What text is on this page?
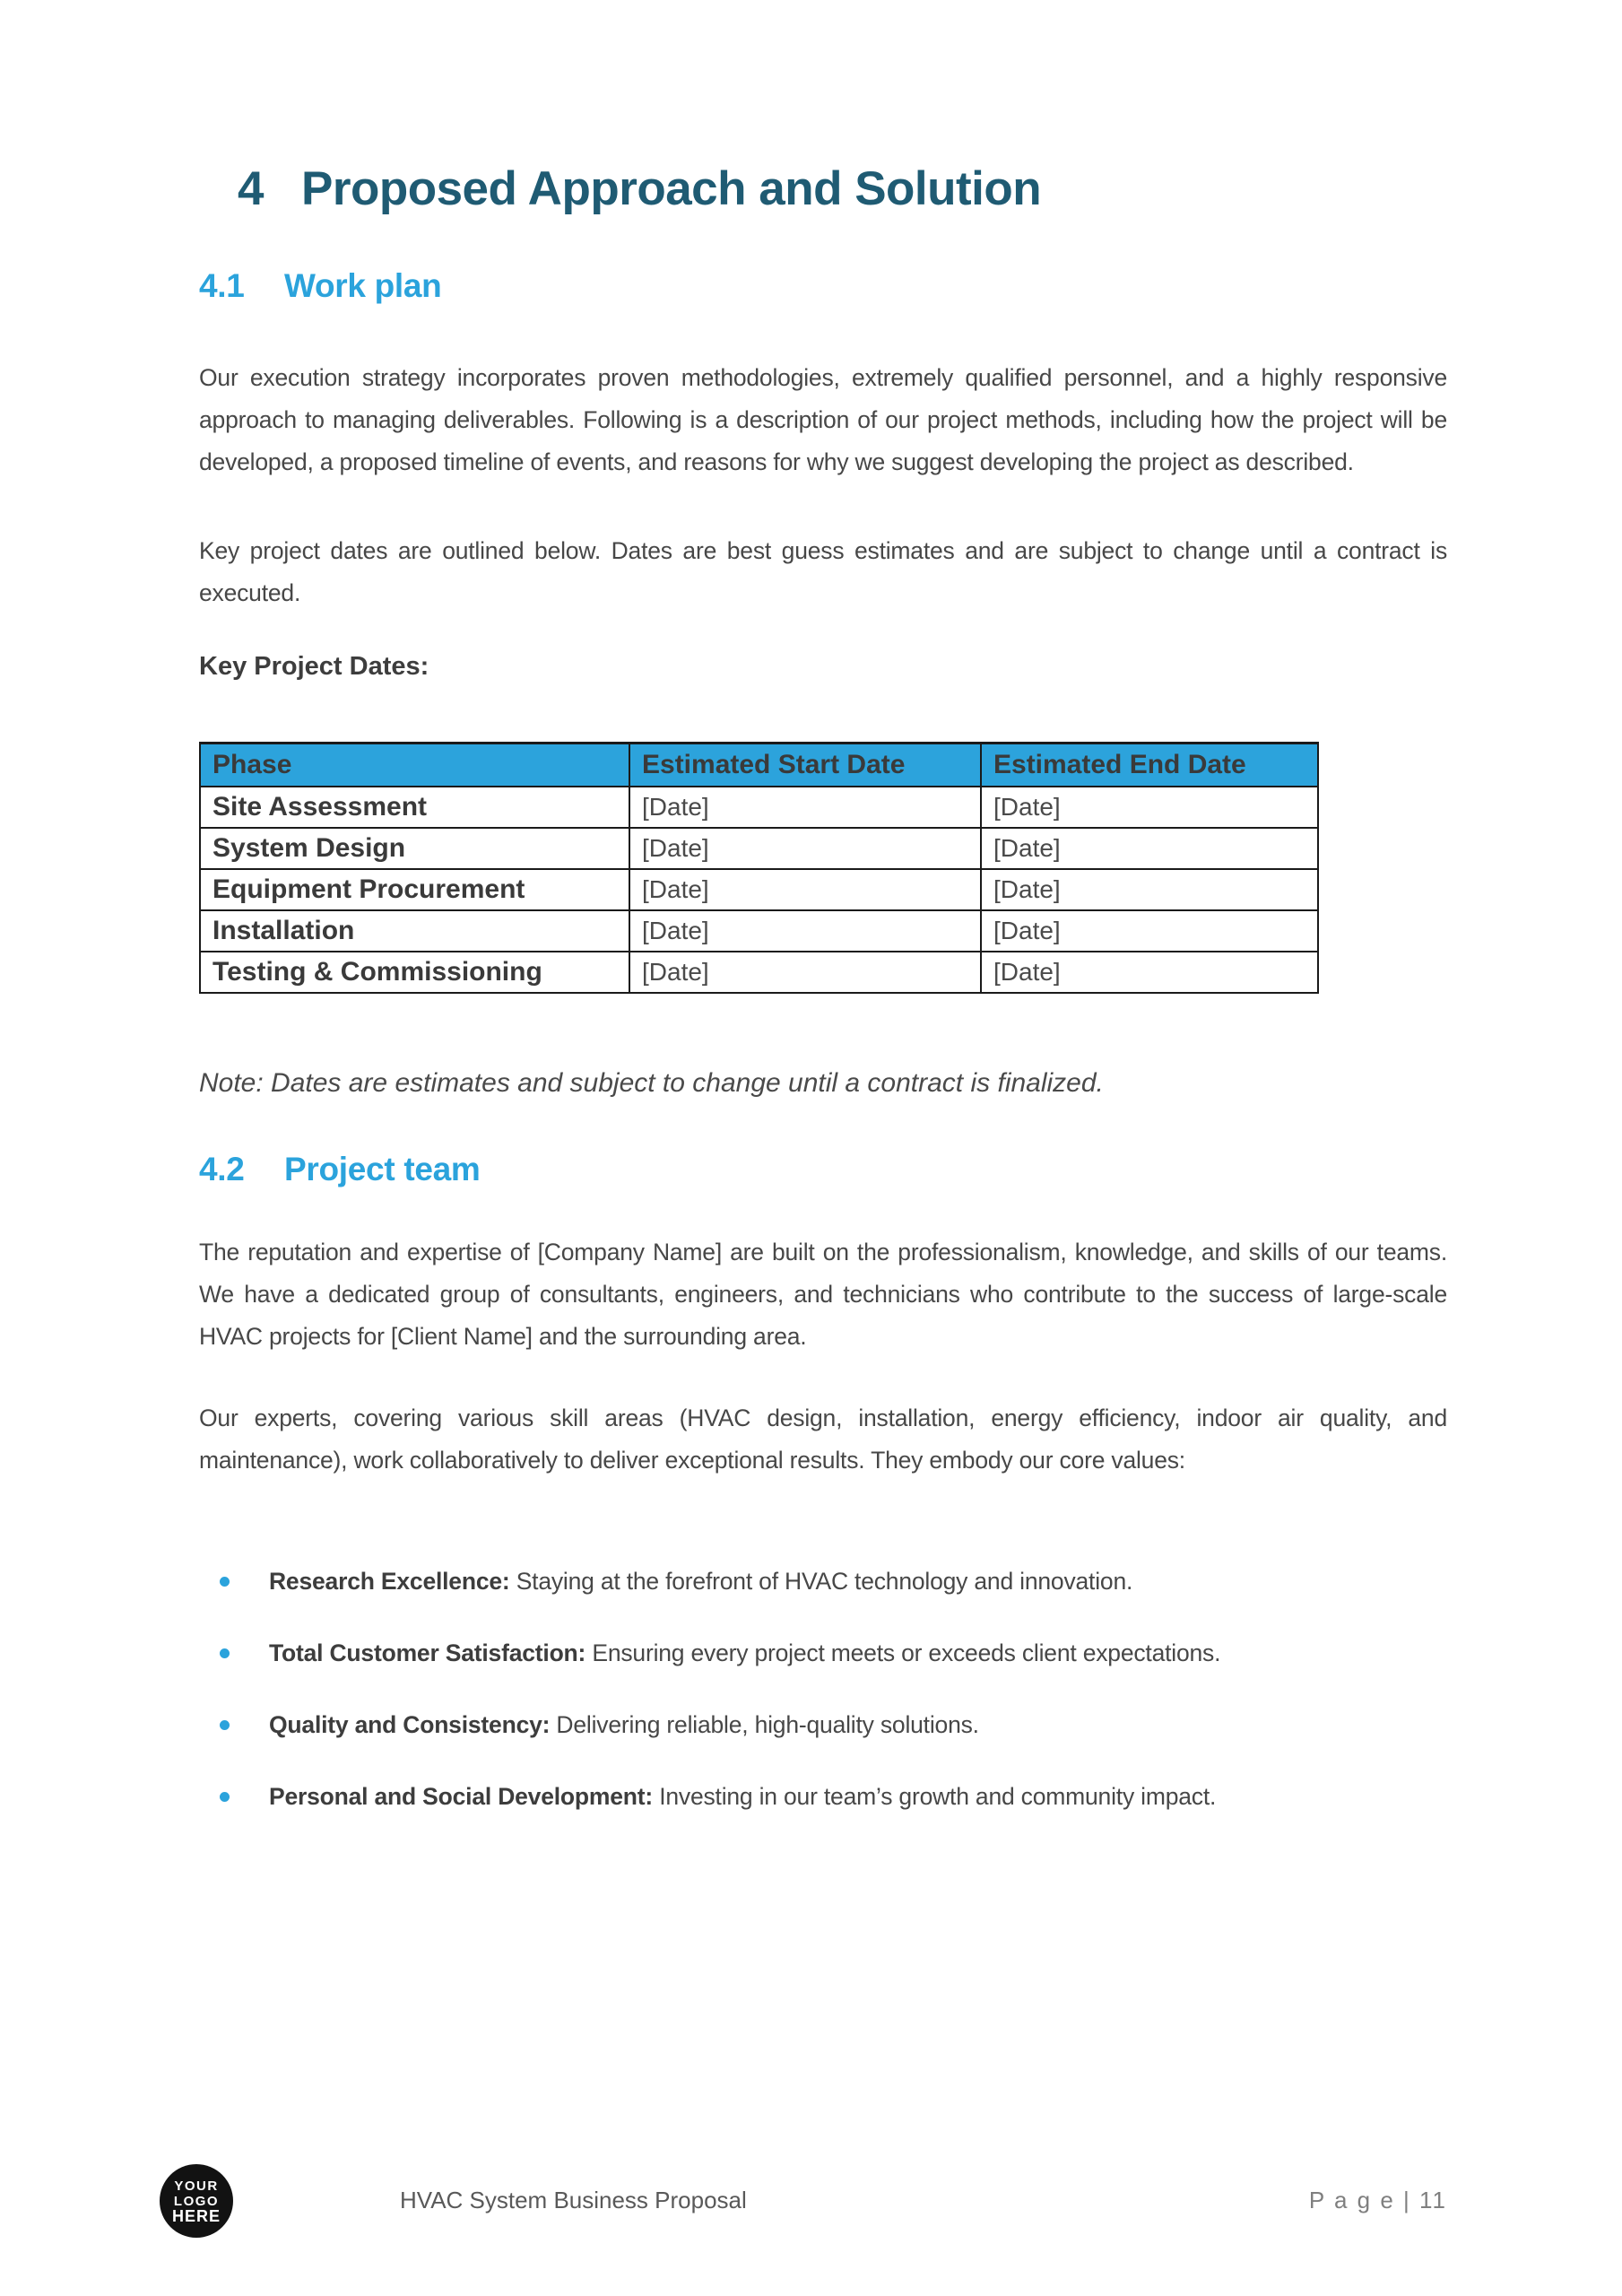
4 Proposed Approach and Solution
4.1 Work plan

Our execution strategy incorporates proven methodologies, extremely qualified personnel, and a highly responsive approach to managing deliverables. Following is a description of our project methods, including how the project will be developed, a proposed timeline of events, and reasons for why we suggest developing the project as described.

Key project dates are outlined below. Dates are best guess estimates and are subject to change until a contract is executed.

Key Project Dates:

Phase	Estimated Start Date	Estimated End Date
Site Assessment	[Date]	[Date]
System Design	[Date]	[Date]
Equipment Procurement	[Date]	[Date]
Installation	[Date]	[Date]
Testing & Commissioning	[Date]	[Date]

Note: Dates are estimates and subject to change until a contract is finalized.

4.2 Project team

The reputation and expertise of [Company Name] are built on the professionalism, knowledge, and skills of our teams. We have a dedicated group of consultants, engineers, and technicians who contribute to the success of large-scale HVAC projects for [Client Name] and the surrounding area.

Our experts, covering various skill areas (HVAC design, installation, energy efficiency, indoor air quality, and maintenance), work collaboratively to deliver exceptional results. They embody our core values:

Research Excellence: Staying at the forefront of HVAC technology and innovation.
Total Customer Satisfaction: Ensuring every project meets or exceeds client expectations.
Quality and Consistency: Delivering reliable, high-quality solutions.
Personal and Social Development: Investing in our team’s growth and community impact.
YOUR
LOGO
HERE
HVAC System Business Proposal	P a g e | 11
